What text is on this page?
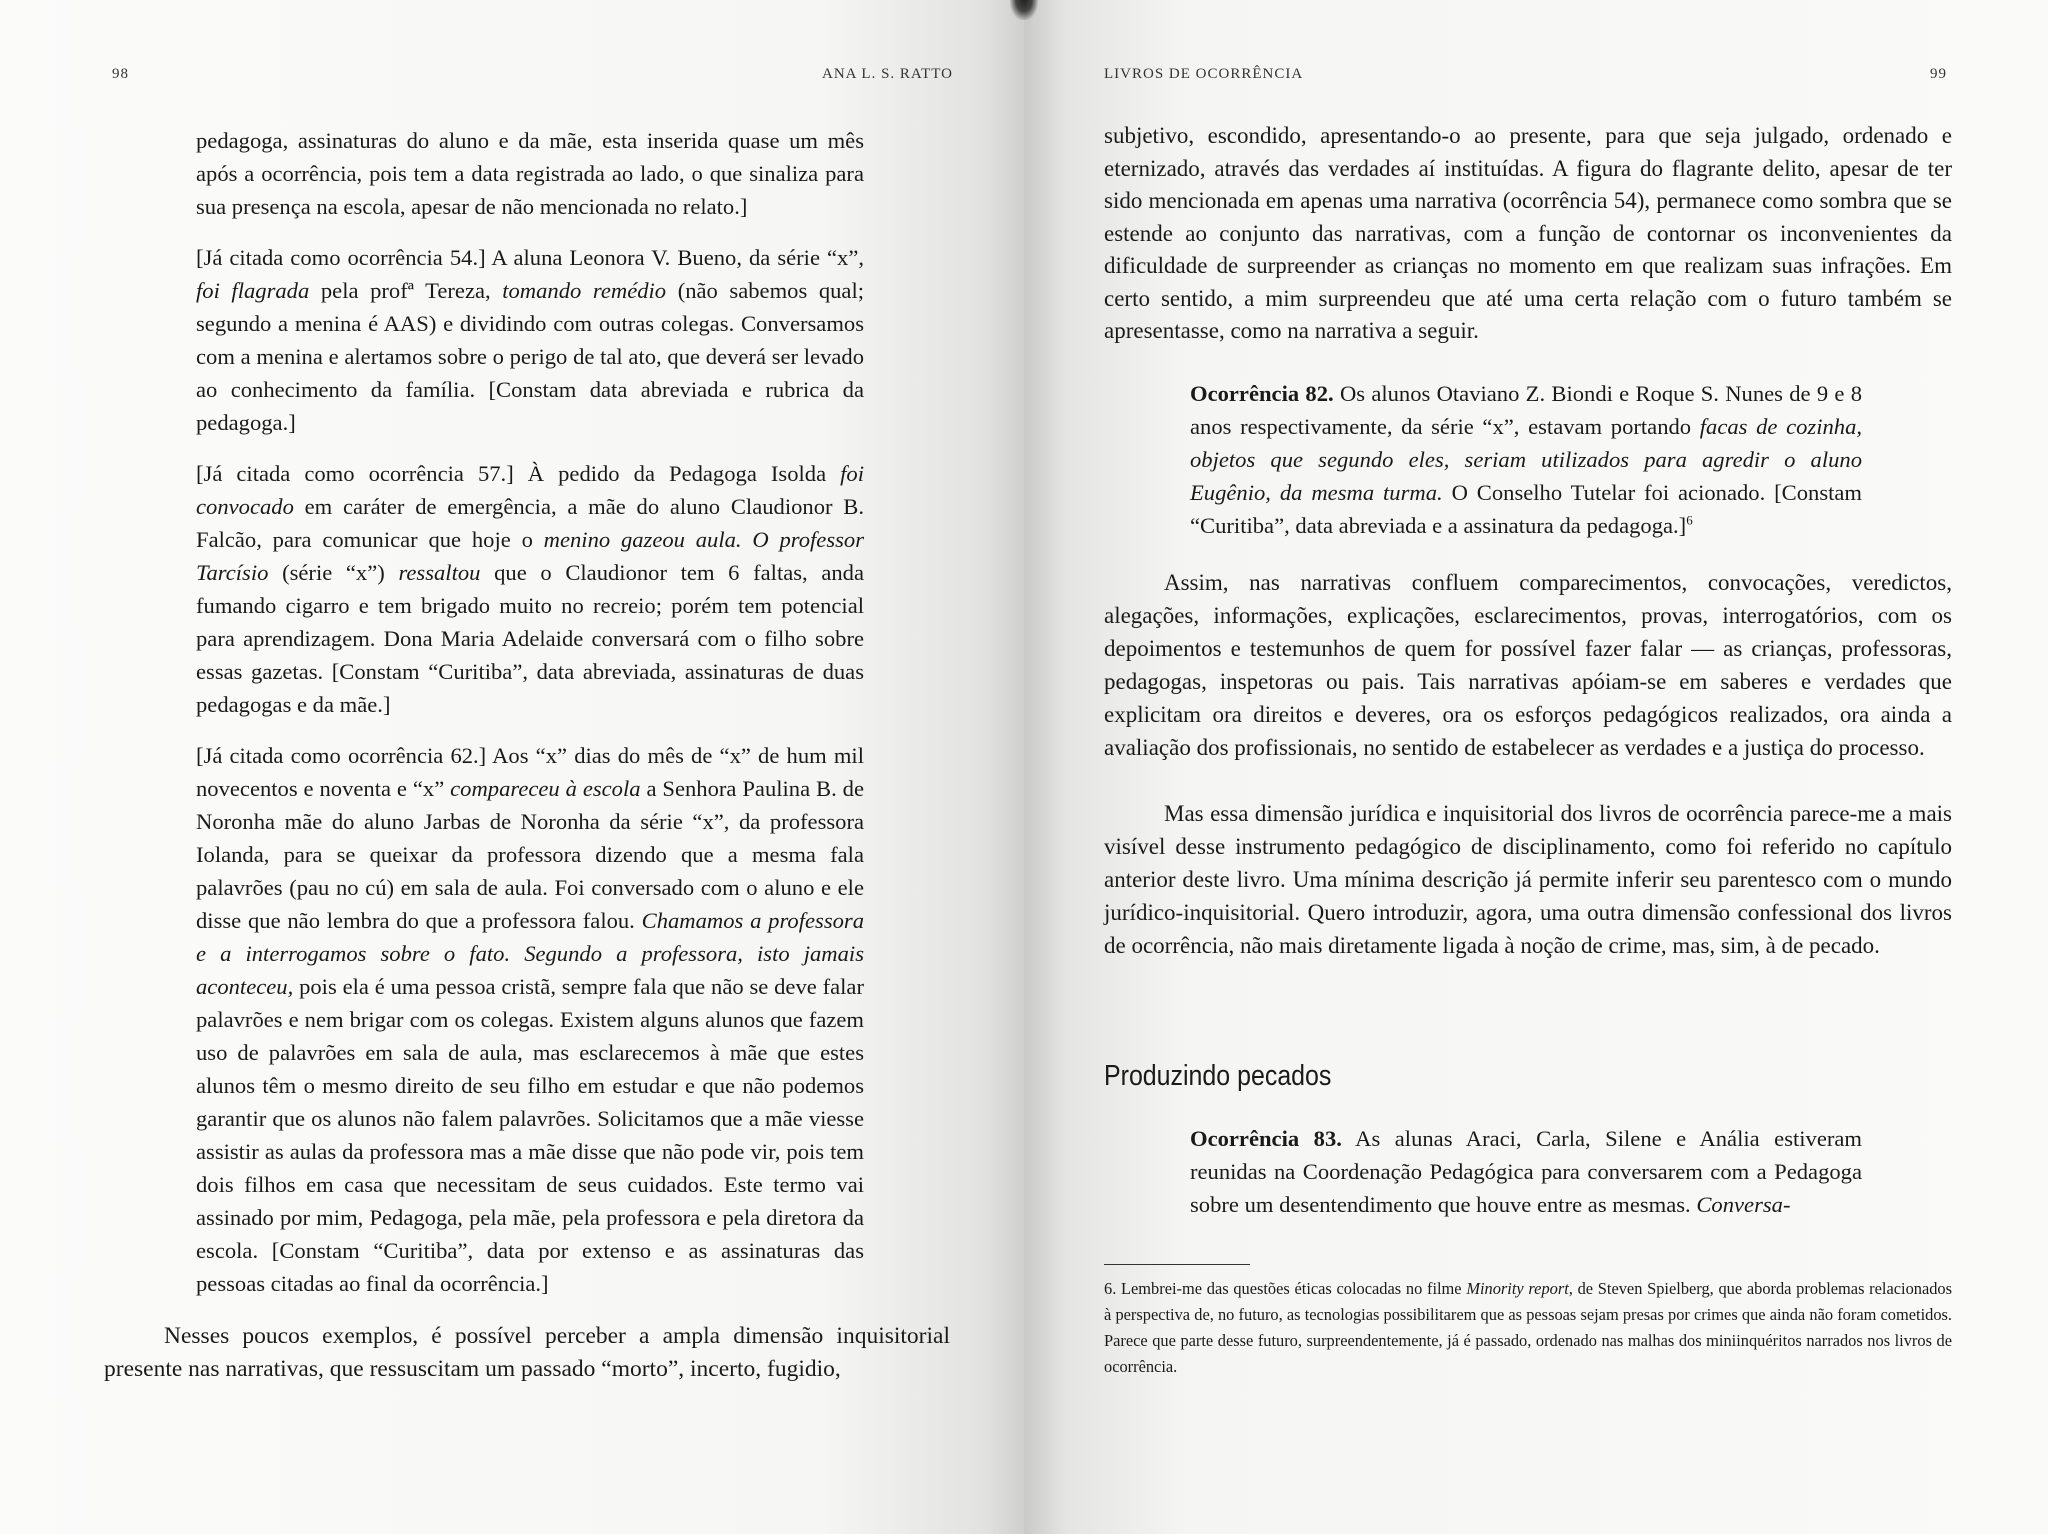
98	ANA L. S. RATTO

pedagoga, assinaturas do aluno e da mãe, esta inserida quase um mês após a ocorrência, pois tem a data registrada ao lado, o que sinaliza para sua presença na escola, apesar de não mencionada no relato.]

[Já citada como ocorrência 54.] A aluna Leonora V. Bueno, da série “x”, foi flagrada pela profª Tereza, tomando remédio (não sabemos qual; segundo a menina é AAS) e dividindo com outras colegas. Conversamos com a menina e alertamos sobre o perigo de tal ato, que deverá ser levado ao conhecimento da família. [Constam data abreviada e rubrica da pedagoga.]

[Já citada como ocorrência 57.] À pedido da Pedagoga Isolda foi convocado em caráter de emergência, a mãe do aluno Claudionor B. Falcão, para comunicar que hoje o menino gazeou aula. O professor Tarcísio (série “x”) ressaltou que o Claudionor tem 6 faltas, anda fumando cigarro e tem brigado muito no recreio; porém tem potencial para aprendizagem. Dona Maria Adelaide conversará com o filho sobre essas gazetas. [Constam “Curitiba”, data abreviada, assinaturas de duas pedagogas e da mãe.]

[Já citada como ocorrência 62.] Aos “x” dias do mês de “x” de hum mil novecentos e noventa e “x” compareceu à escola a Senhora Paulina B. de Noronha mãe do aluno Jarbas de Noronha da série “x”, da professora Iolanda, para se queixar da professora dizendo que a mesma fala palavrões (pau no cú) em sala de aula. Foi conversado com o aluno e ele disse que não lembra do que a professora falou. Chamamos a professora e a interrogamos sobre o fato. Segundo a professora, isto jamais aconteceu, pois ela é uma pessoa cristã, sempre fala que não se deve falar palavrões e nem brigar com os colegas. Existem alguns alunos que fazem uso de palavrões em sala de aula, mas esclarecemos à mãe que estes alunos têm o mesmo direito de seu filho em estudar e que não podemos garantir que os alunos não falem palavrões. Solicitamos que a mãe viesse assistir as aulas da professora mas a mãe disse que não pode vir, pois tem dois filhos em casa que necessitam de seus cuidados. Este termo vai assinado por mim, Pedagoga, pela mãe, pela professora e pela diretora da escola. [Constam “Curitiba”, data por extenso e as assinaturas das pessoas citadas ao final da ocorrência.]

Nesses poucos exemplos, é possível perceber a ampla dimensão inquisitorial presente nas narrativas, que ressuscitam um passado “morto”, incerto, fugidio,
LIVROS DE OCORRÊNCIA	99

subjetivo, escondido, apresentando-o ao presente, para que seja julgado, ordenado e eternizado, através das verdades aí instituídas. A figura do flagrante delito, apesar de ter sido mencionada em apenas uma narrativa (ocorrência 54), permanece como sombra que se estende ao conjunto das narrativas, com a função de contornar os inconvenientes da dificuldade de surpreender as crianças no momento em que realizam suas infrações. Em certo sentido, a mim surpreendeu que até uma certa relação com o futuro também se apresentasse, como na narrativa a seguir.

Ocorrência 82. Os alunos Otaviano Z. Biondi e Roque S. Nunes de 9 e 8 anos respectivamente, da série “x”, estavam portando facas de cozinha, objetos que segundo eles, seriam utilizados para agredir o aluno Eugênio, da mesma turma. O Conselho Tutelar foi acionado. [Constam “Curitiba”, data abreviada e a assinatura da pedagoga.]$^6$

Assim, nas narrativas confluem comparecimentos, convocações, veredictos, alegações, informações, explicações, esclarecimentos, provas, interrogatórios, com os depoimentos e testemunhos de quem for possível fazer falar — as crianças, professoras, pedagogas, inspetoras ou pais. Tais narrativas apóiam-se em saberes e verdades que explicitam ora direitos e deveres, ora os esforços pedagógicos realizados, ora ainda a avaliação dos profissionais, no sentido de estabelecer as verdades e a justiça do processo.

Mas essa dimensão jurídica e inquisitorial dos livros de ocorrência parece-me a mais visível desse instrumento pedagógico de disciplinamento, como foi referido no capítulo anterior deste livro. Uma mínima descrição já permite inferir seu parentesco com o mundo jurídico-inquisitorial. Quero introduzir, agora, uma outra dimensão confessional dos livros de ocorrência, não mais diretamente ligada à noção de crime, mas, sim, à de pecado.

Produzindo pecados
Ocorrência 83. As alunas Araci, Carla, Silene e Anália estiveram reunidas na Coordenação Pedagógica para conversarem com a Pedagoga sobre um desentendimento que houve entre as mesmas. Conversa-
6. Lembrei-me das questões éticas colocadas no filme Minority report, de Steven Spielberg, que aborda problemas relacionados à perspectiva de, no futuro, as tecnologias possibilitarem que as pessoas sejam presas por crimes que ainda não foram cometidos. Parece que parte desse futuro, surpreendentemente, já é passado, ordenado nas malhas dos miniinquéritos narrados nos livros de ocorrência.
